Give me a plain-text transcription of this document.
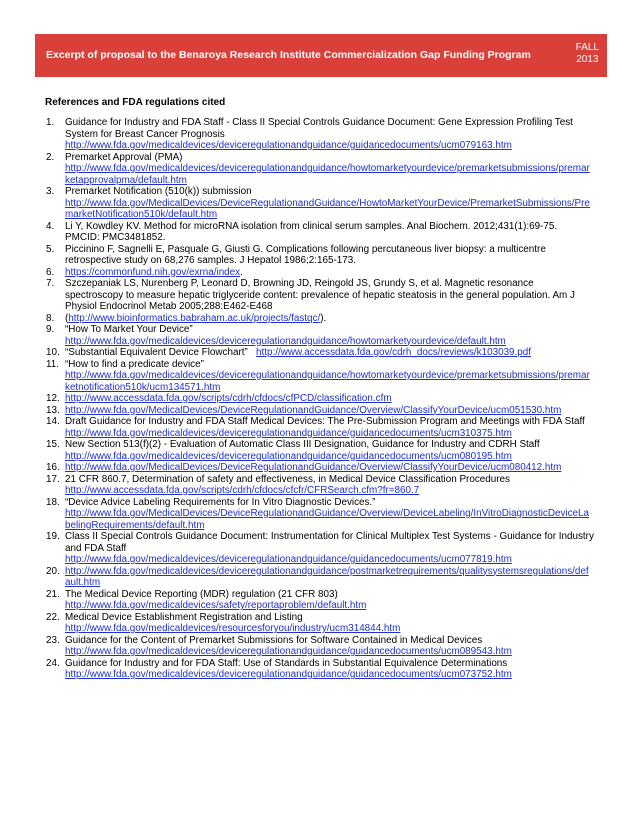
Excerpt of proposal to the Benaroya Research Institute Commercialization Gap Funding Program
FALL
2013
References and FDA regulations cited
1. Guidance for Industry and FDA Staff - Class II Special Controls Guidance Document: Gene Expression Profiling Test System for Breast Cancer Prognosis
http://www.fda.gov/medicaldevices/deviceregulationandguidance/guidancedocuments/ucm079163.htm
2. Premarket Approval (PMA)
http://www.fda.gov/medicaldevices/deviceregulationandguidance/howtomarketyourdevice/premarketsubmissions/premarketapprovalpma/default.htm
3. Premarket Notification (510(k)) submission
http://www.fda.gov/MedicalDevices/DeviceRegulationandGuidance/HowtoMarketYourDevice/PremarketSubmissions/PremarketNotification510k/default.htm
4. Li Y, Kowdley KV. Method for microRNA isolation from clinical serum samples. Anal Biochem. 2012;431(1):69-75. PMCID: PMC3481852.
5. Piccinino F, Sagnelli E, Pasquale G, Giusti G. Complications following percutaneous liver biopsy: a multicentre retrospective study on 68,276 samples. J Hepatol 1986;2:165-173.
6. https://commonfund.nih.gov/exrna/index.
7. Szczepaniak LS, Nurenberg P, Leonard D, Browning JD, Reingold JS, Grundy S, et al. Magnetic resonance spectroscopy to measure hepatic triglyceride content: prevalence of hepatic steatosis in the general population. Am J Physiol Endocrinol Metab 2005;288:E462-E468
8. (http://www.bioinformatics.babraham.ac.uk/projects/fastqc/).
9. “How To Market Your Device”
http://www.fda.gov/medicaldevices/deviceregulationandguidance/howtomarketyourdevice/default.htm
10. “Substantial Equivalent Device Flowchart” http://www.accessdata.fda.gov/cdrh_docs/reviews/k103039.pdf
11. “How to find a predicate device”
http://www.fda.gov/medicaldevices/deviceregulationandguidance/howtomarketyourdevice/premarketsubmissions/premarketnotification510k/ucm134571.htm
12. http://www.accessdata.fda.gov/scripts/cdrh/cfdocs/cfPCD/classification.cfm
13. http://www.fda.gov/MedicalDevices/DeviceRegulationandGuidance/Overview/ClassifyYourDevice/ucm051530.htm
14. Draft Guidance for Industry and FDA Staff Medical Devices: The Pre-Submission Program and Meetings with FDA Staff
http://www.fda.gov/medicaldevices/deviceregulationandguidance/guidancedocuments/ucm310375.htm
15. New Section 513(f)(2) - Evaluation of Automatic Class III Designation, Guidance for Industry and CDRH Staff
http://www.fda.gov/medicaldevices/deviceregulationandguidance/guidancedocuments/ucm080195.htm
16. http://www.fda.gov/MedicalDevices/DeviceRegulationandGuidance/Overview/ClassifyYourDevice/ucm080412.htm
17. 21 CFR 860.7, Determination of safety and effectiveness, in Medical Device Classification Procedures
http://www.accessdata.fda.gov/scripts/cdrh/cfdocs/cfcfr/CFRSearch.cfm?fr=860.7
18. “Device Advice Labeling Requirements for In Vitro Diagnostic Devices.”
http://www.fda.gov/MedicalDevices/DeviceRegulationandGuidance/Overview/DeviceLabeling/InVitroDiagnosticDeviceLabelingRequirements/default.htm
19. Class II Special Controls Guidance Document: Instrumentation for Clinical Multiplex Test Systems - Guidance for Industry and FDA Staff
http://www.fda.gov/medicaldevices/deviceregulationandguidance/guidancedocuments/ucm077819.htm
20. http://www.fda.gov/medicaldevices/deviceregulationandguidance/postmarketrequirements/qualitysystemsregulations/default.htm
21. The Medical Device Reporting (MDR) regulation (21 CFR 803)
http://www.fda.gov/medicaldevices/safety/reportaproblem/default.htm
22. Medical Device Establishment Registration and Listing
http://www.fda.gov/medicaldevices/resourcesforyou/industry/ucm314844.htm
23. Guidance for the Content of Premarket Submissions for Software Contained in Medical Devices
http://www.fda.gov/medicaldevices/deviceregulationandguidance/guidancedocuments/ucm089543.htm
24. Guidance for Industry and for FDA Staff: Use of Standards in Substantial Equivalence Determinations
http://www.fda.gov/medicaldevices/deviceregulationandguidance/guidancedocuments/ucm073752.htm
